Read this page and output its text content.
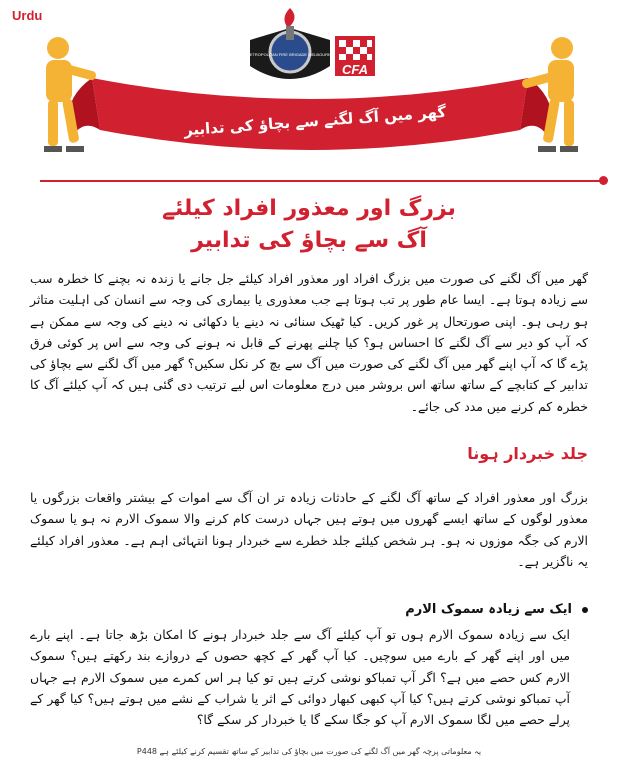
Urdu
METROPOLITAN FIRE BRIGADE MELBOURNE
CFA
گھر میں آگ لگنے سے بچاؤ کی تدابیر
بزرگ اور معذور افراد کیلئے
آگ سے بچاؤ کی تدابیر
گھر میں آگ لگنے کی صورت میں بزرگ افراد اور معذور افراد کیلئے جل جانے یا زندہ نہ بچنے کا خطرہ سب سے زیادہ ہوتا ہے۔ ایسا عام طور پر تب ہوتا ہے جب معذوری یا بیماری کی وجہ سے انسان کی اہلیت متاثر ہو رہی ہو۔ اپنی صورتحال پر غور کریں۔ کیا ٹھیک سنائی نہ دینے یا دکھائی نہ دینے کی وجہ سے ممکن ہے کہ آپ کو دیر سے آگ لگنے کا احساس ہو؟ کیا چلنے پھرنے کے قابل نہ ہونے کی وجہ سے اس پر کوئی فرق پڑے گا کہ آپ اپنے گھر میں آگ لگنے کی صورت میں آگ سے بچ کر نکل سکیں؟ گھر میں آگ لگنے سے بچاؤ کی تدابیر کے کتابچے کے ساتھ ساتھ اس بروشر میں درج معلومات اس لیے ترتیب دی گئی ہیں کہ آپ کیلئے آگ کا خطرہ کم کرنے میں مدد کی جائے۔
جلد خبردار ہونا
بزرگ اور معذور افراد کے ساتھ آگ لگنے کے حادثات زیادہ تر ان آگ سے اموات کے بیشتر واقعات بزرگوں یا معذور لوگوں کے ساتھ ایسے گھروں میں ہوتے ہیں جہاں درست کام کرنے والا سموک الارم نہ ہو یا سموک الارم کی جگہ موزوں نہ ہو۔ ہر شخص کیلئے جلد خطرے سے خبردار ہونا انتہائی اہم ہے۔ معذور افراد کیلئے یہ ناگزیر ہے۔
ایک سے زیادہ سموک الارم
ایک سے زیادہ سموک الارم ہوں تو آپ کیلئے آگ سے جلد خبردار ہونے کا امکان بڑھ جاتا ہے۔ اپنے بارے میں اور اپنے گھر کے بارے میں سوچیں۔ کیا آپ گھر کے کچھ حصوں کے دروازے بند رکھتے ہیں؟ سموک الارم کس حصے میں ہے؟ اگر آپ تمباکو نوشی کرتے ہیں تو کیا ہر اس کمرے میں سموک الارم ہے جہاں آپ تمباکو نوشی کرتے ہیں؟ کیا آپ کبھی کبھار دوائی کے اثر یا شراب کے نشے میں ہوتے ہیں؟ کیا گھر کے پرلے حصے میں لگا سموک الارم آپ کو جگا سکے گا یا خبردار کر سکے گا؟
یہ معلوماتی پرچہ گھر میں آگ لگنے کی صورت میں بچاؤ کی تدابیر کے ساتھ تقسیم کرنے کیلئے ہے P448
